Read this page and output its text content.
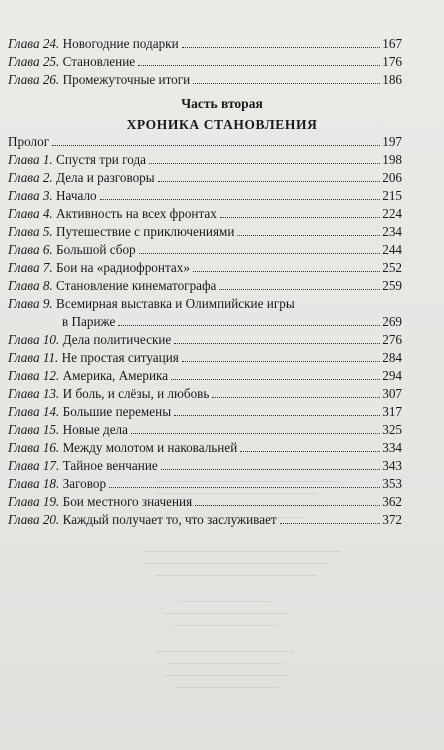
Глава 24. Новогодние подарки	167
Глава 25. Становление	176
Глава 26. Промежуточные итоги	186
Часть вторая
ХРОНИКА СТАНОВЛЕНИЯ
Пролог	197
Глава 1. Спустя три года	198
Глава 2. Дела и разговоры	206
Глава 3. Начало	215
Глава 4. Активность на всех фронтах	224
Глава 5. Путешествие с приключениями	234
Глава 6. Большой сбор	244
Глава 7. Бои на «радиофронтах»	252
Глава 8. Становление кинематографа	259
Глава 9. Всемирная выставка и Олимпийские игры
в Париже	269
Глава 10. Дела политические	276
Глава 11. Не простая ситуация	284
Глава 12. Америка, Америка	294
Глава 13. И боль, и слёзы, и любовь	307
Глава 14. Большие перемены	317
Глава 15. Новые дела	325
Глава 16. Между молотом и наковальней	334
Глава 17. Тайное венчание	343
Глава 18. Заговор	353
Глава 19. Бои местного значения	362
Глава 20. Каждый получает то, что заслуживает	372
